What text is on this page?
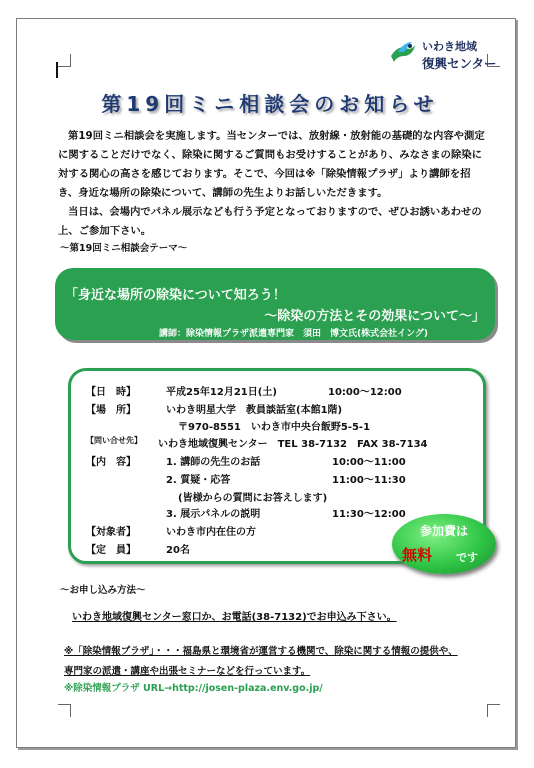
いわき地域
復興センター
第19回ミニ相談会のお知らせ

第19回ミニ相談会を実施します。当センターでは、放射線・放射能の基礎的な内容や測定に関することだけでなく、除染に関するご質問もお受けすることがあり、みなさまの除染に対する関心の高さを感じております。そこで、今回は※「除染情報プラザ」より講師を招き、身近な場所の除染について、講師の先生よりお話しいただきます。

当日は、会場内でパネル展示なども行う予定となっておりますので、ぜひお誘いあわせの上、ご参加下さい。

～第19回ミニ相談会テーマ～
「身近な場所の除染について知ろう！
～除染の方法とその効果について～」
講師：除染情報プラザ派遣専門家　須田　博文氏(株式会社イング)
【日　時】	平成25年12月21日(土)	10:00～12:00
【場　所】	いわき明星大学　教員談話室(本館1階)
〒970-8551　いわき市中央台飯野5-5-1
【問い合せ先】 いわき地域復興センター　TEL 38-7132　FAX 38-7134
【内　容】	1. 講師の先生のお話	10:00～11:00
2. 質疑・応答	11:00～11:30
(皆様からの質問にお答えします)
3. 展示パネルの説明	11:30～12:00
【対象者】	いわき市内在住の方
【定　員】	20名
参加費は
無料 です
～お申し込み方法～
いわき地域復興センター窓口か、お電話(38-7132)でお申込み下さい。
※「除染情報プラザ」・・・福島県と環境省が運営する機関で、除染に関する情報の提供や、
専門家の派遣・講座や出張セミナーなどを行っています。
※除染情報プラザ URL→http://josen-plaza.env.go.jp/
